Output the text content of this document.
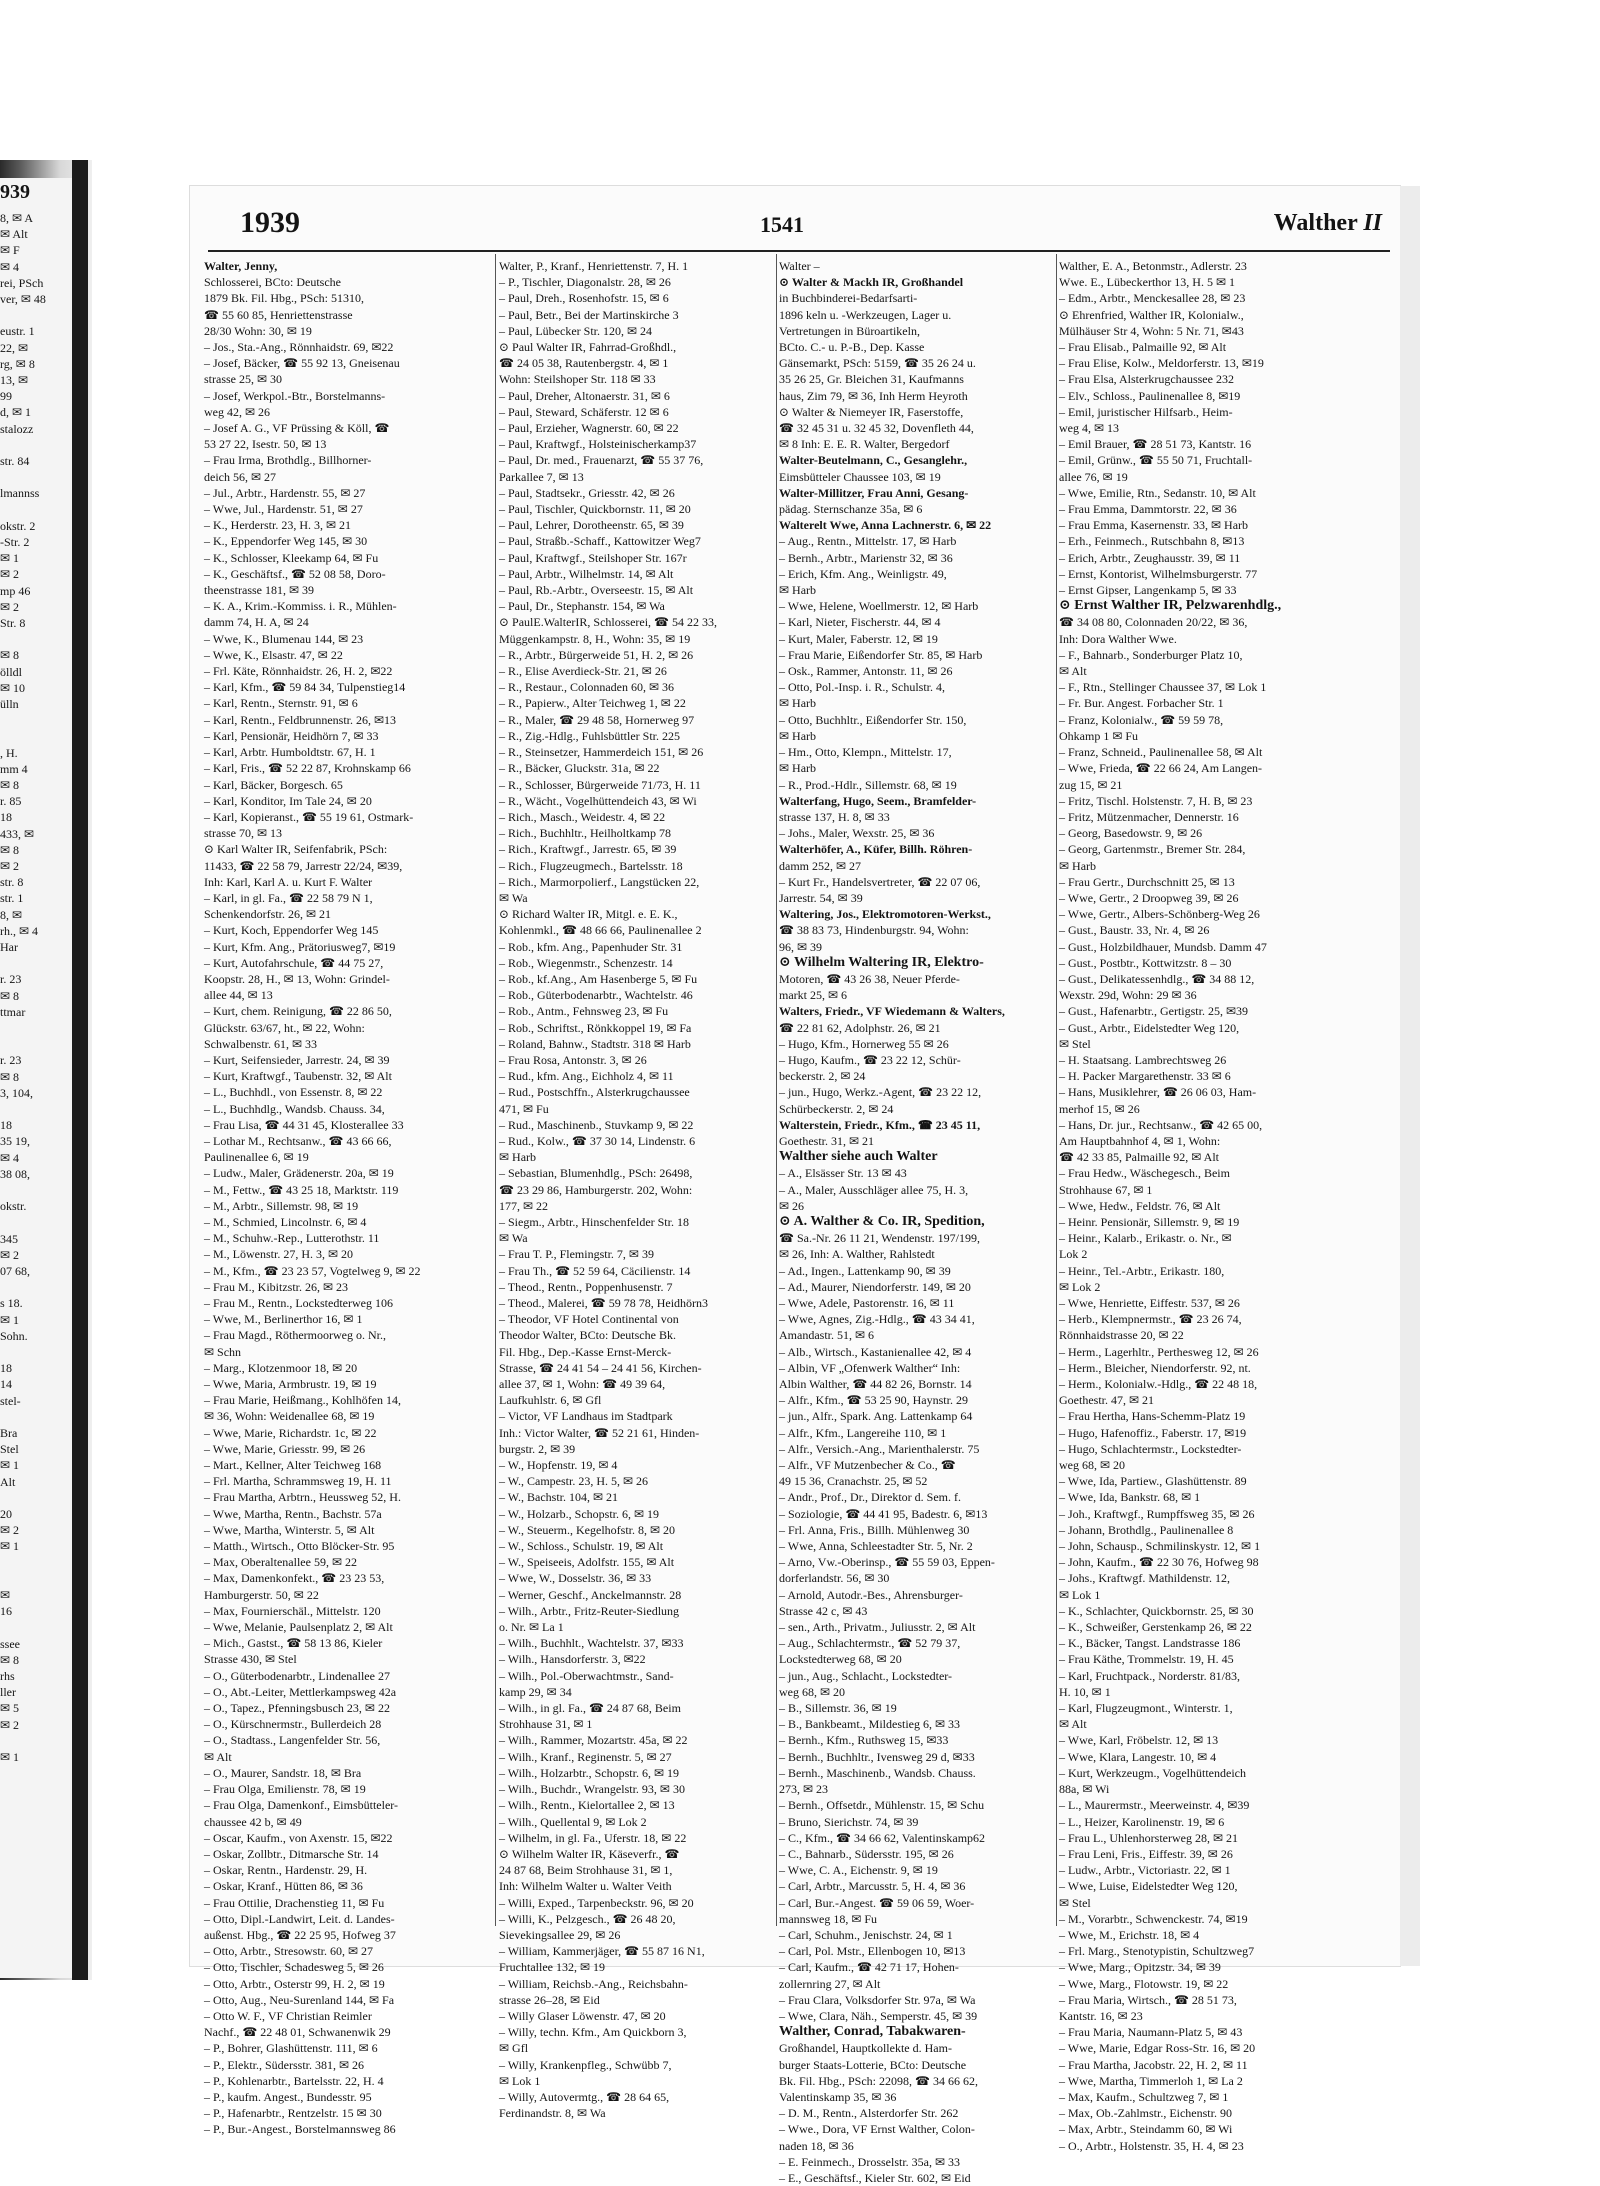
939
8, ✉ A
✉ Alt
✉ F
✉ 4
rei, PSch
ver, ✉ 48
eustr. 1
22, ✉
rg, ✉ 8
13, ✉
99
d, ✉ 1
stalozz
str. 84
lmannss
okstr. 2
-Str. 2
✉ 1
✉ 2
mp 46
✉ 2
Str. 8
✉ 8
ölldl
✉ 10
ülln
, H.
mm 4
✉ 8
r. 85
18
433, ✉
✉ 8
✉ 2
str. 8
str. 1
8, ✉
rh., ✉ 4
Har
r. 23
✉ 8
ttmar
r. 23
✉ 8
3, 104,
18
35 19,
✉ 4
38 08,
okstr.
345
✉ 2
07 68,
s 18.
✉ 1
Sohn.
18
14
stel-
Bra
Stel
✉ 1
Alt
20
✉ 2
✉ 1
✉
16
ssee
✉ 8
rhs
ller
✉ 5
✉ 2
✉ 1
1939	1541	Walther II

Walter, Jenny,

Schlosserei, BCto: Deutsche

1879 Bk. Fil. Hbg., PSch: 51310,

☎ 55 60 85, Henriettenstrasse

28/30 Wohn: 30, ✉ 19

– Jos., Sta.-Ang., Rönnhaidstr. 69, ✉22

– Josef, Bäcker, ☎ 55 92 13, Gneisenau

strasse 25, ✉ 30

– Josef, Werkpol.-Btr., Borstelmanns-

weg 42, ✉ 26

– Josef A. G., VF Prüssing & Köll, ☎

53 27 22, Isestr. 50, ✉ 13

– Frau Irma, Brothdlg., Billhorner-

deich 56, ✉ 27

– Jul., Arbtr., Hardenstr. 55, ✉ 27

– Wwe, Jul., Hardenstr. 51, ✉ 27

– K., Herderstr. 23, H. 3, ✉ 21

– K., Eppendorfer Weg 145, ✉ 30

– K., Schlosser, Kleekamp 64, ✉ Fu

– K., Geschäftsf., ☎ 52 08 58, Doro-

theenstrasse 181, ✉ 39

– K. A., Krim.-Kommiss. i. R., Mühlen-

damm 74, H. A, ✉ 24

– Wwe, K., Blumenau 144, ✉ 23

– Wwe, K., Elsastr. 47, ✉ 22

– Frl. Käte, Rönnhaidstr. 26, H. 2, ✉22

– Karl, Kfm., ☎ 59 84 34, Tulpenstieg14

– Karl, Rentn., Sternstr. 91, ✉ 6

– Karl, Rentn., Feldbrunnenstr. 26, ✉13

– Karl, Pensionär, Heidhörn 7, ✉ 33

– Karl, Arbtr. Humboldtstr. 67, H. 1

– Karl, Fris., ☎ 52 22 87, Krohnskamp 66

– Karl, Bäcker, Borgesch. 65

– Karl, Konditor, Im Tale 24, ✉ 20

– Karl, Kopieranst., ☎ 55 19 61, Ostmark-

strasse 70, ✉ 13

⊙ Karl Walter IR, Seifenfabrik, PSch:

11433, ☎ 22 58 79, Jarrestr 22/24, ✉39,

Inh: Karl, Karl A. u. Kurt F. Walter

– Karl, in gl. Fa., ☎ 22 58 79 N 1,

Schenkendorfstr. 26, ✉ 21

– Kurt, Koch, Eppendorfer Weg 145

– Kurt, Kfm. Ang., Prätoriusweg7, ✉19

– Kurt, Autofahrschule, ☎ 44 75 27,

Koopstr. 28, H., ✉ 13, Wohn: Grindel-

allee 44, ✉ 13

– Kurt, chem. Reinigung, ☎ 22 86 50,

Glückstr. 63/67, ht., ✉ 22, Wohn:

Schwalbenstr. 61, ✉ 33

– Kurt, Seifensieder, Jarrestr. 24, ✉ 39

– Kurt, Kraftwgf., Taubenstr. 32, ✉ Alt

– L., Buchhdl., von Essenstr. 8, ✉ 22

– L., Buchhdlg., Wandsb. Chauss. 34,

– Frau Lisa, ☎ 44 31 45, Klosterallee 33

– Lothar M., Rechtsanw., ☎ 43 66 66,

Paulinenallee 6, ✉ 19

– Ludw., Maler, Grädenerstr. 20a, ✉ 19

– M., Fettw., ☎ 43 25 18, Marktstr. 119

– M., Arbtr., Sillemstr. 98, ✉ 19

– M., Schmied, Lincolnstr. 6, ✉ 4

– M., Schuhw.-Rep., Lutterothstr. 11

– M., Löwenstr. 27, H. 3, ✉ 20

– M., Kfm., ☎ 23 23 57, Vogtelweg 9, ✉ 22

– Frau M., Kibitzstr. 26, ✉ 23

– Frau M., Rentn., Lockstedterweg 106

– Wwe, M., Berlinerthor 16, ✉ 1

– Frau Magd., Röthermoorweg o. Nr.,

✉ Schn

– Marg., Klotzenmoor 18, ✉ 20

– Wwe, Maria, Armbrustr. 19, ✉ 19

– Frau Marie, Heißmang., Kohlhöfen 14,

✉ 36, Wohn: Weidenallee 68, ✉ 19

– Wwe, Marie, Richardstr. 1c, ✉ 22

– Wwe, Marie, Griesstr. 99, ✉ 26

– Mart., Kellner, Alter Teichweg 168

– Frl. Martha, Schrammsweg 19, H. 11

– Frau Martha, Arbtrn., Heussweg 52, H.

– Wwe, Martha, Rentn., Bachstr. 57a

– Wwe, Martha, Winterstr. 5, ✉ Alt

– Matth., Wirtsch., Otto Blöcker-Str. 95

– Max, Oberaltenallee 59, ✉ 22

– Max, Damenkonfekt., ☎ 23 23 53,

Hamburgerstr. 50, ✉ 22

– Max, Fournierschäl., Mittelstr. 120

– Wwe, Melanie, Paulsenplatz 2, ✉ Alt

– Mich., Gastst., ☎ 58 13 86, Kieler

Strasse 430, ✉ Stel

– O., Güterbodenarbtr., Lindenallee 27

– O., Abt.-Leiter, Mettlerkampsweg 42a

– O., Tapez., Pfenningsbusch 23, ✉ 22

– O., Kürschnermstr., Bullerdeich 28

– O., Stadtass., Langenfelder Str. 56,

✉ Alt

– O., Maurer, Sandstr. 18, ✉ Bra

– Frau Olga, Emilienstr. 78, ✉ 19

– Frau Olga, Damenkonf., Eimsbütteler-

chaussee 42 b, ✉ 49

– Oscar, Kaufm., von Axenstr. 15, ✉22

– Oskar, Zollbtr., Ditmarsche Str. 14

– Oskar, Rentn., Hardenstr. 29, H.

– Oskar, Kranf., Hütten 86, ✉ 36

– Frau Ottilie, Drachenstieg 11, ✉ Fu

– Otto, Dipl.-Landwirt, Leit. d. Landes-

außenst. Hbg., ☎ 22 25 95, Hofweg 37

– Otto, Arbtr., Stresowstr. 60, ✉ 27

– Otto, Tischler, Schadesweg 5, ✉ 26

– Otto, Arbtr., Osterstr 99, H. 2, ✉ 19

– Otto, Aug., Neu-Surenland 144, ✉ Fa

– Otto W. F., VF Christian Reimler

Nachf., ☎ 22 48 01, Schwanenwik 29

– P., Bohrer, Glashüttenstr. 111, ✉ 6

– P., Elektr., Südersstr. 381, ✉ 26

– P., Kohlenarbtr., Bartelsstr. 22, H. 4

– P., kaufm. Angest., Bundesstr. 95

– P., Hafenarbtr., Rentzelstr. 15 ✉ 30

– P., Bur.-Angest., Borstelmannsweg 86

Walter, P., Kranf., Henriettenstr. 7, H. 1

– P., Tischler, Diagonalstr. 28, ✉ 26

– Paul, Dreh., Rosenhofstr. 15, ✉ 6

– Paul, Betr., Bei der Martinskirche 3

– Paul, Lübecker Str. 120, ✉ 24

⊙ Paul Walter IR, Fahrrad-Großhdl.,

☎ 24 05 38, Rautenbergstr. 4, ✉ 1

Wohn: Steilshoper Str. 118 ✉ 33

– Paul, Dreher, Altonaerstr. 31, ✉ 6

– Paul, Steward, Schäferstr. 12 ✉ 6

– Paul, Erzieher, Wagnerstr. 60, ✉ 22

– Paul, Kraftwgf., Holsteinischerkamp37

– Paul, Dr. med., Frauenarzt, ☎ 55 37 76,

Parkallee 7, ✉ 13

– Paul, Stadtsekr., Griesstr. 42, ✉ 26

– Paul, Tischler, Quickbornstr. 11, ✉ 20

– Paul, Lehrer, Dorotheenstr. 65, ✉ 39

– Paul, Straßb.-Schaff., Kattowitzer Weg7

– Paul, Kraftwgf., Steilshoper Str. 167r

– Paul, Arbtr., Wilhelmstr. 14, ✉ Alt

– Paul, Rb.-Arbtr., Overseestr. 15, ✉ Alt

– Paul, Dr., Stephanstr. 154, ✉ Wa

⊙ PaulE.WalterIR, Schlosserei, ☎ 54 22 33,

Müggenkampstr. 8, H., Wohn: 35, ✉ 19

– R., Arbtr., Bürgerweide 51, H. 2, ✉ 26

– R., Elise Averdieck-Str. 21, ✉ 26

– R., Restaur., Colonnaden 60, ✉ 36

– R., Papierw., Alter Teichweg 1, ✉ 22

– R., Maler, ☎ 29 48 58, Hornerweg 97

– R., Zig.-Hdlg., Fuhlsbüttler Str. 225

– R., Steinsetzer, Hammerdeich 151, ✉ 26

– R., Bäcker, Gluckstr. 31a, ✉ 22

– R., Schlosser, Bürgerweide 71/73, H. 11

– R., Wächt., Vogelhüttendeich 43, ✉ Wi

– Rich., Masch., Weidestr. 4, ✉ 22

– Rich., Buchhltr., Heilholtkamp 78

– Rich., Kraftwgf., Jarrestr. 65, ✉ 39

– Rich., Flugzeugmech., Bartelsstr. 18

– Rich., Marmorpolierf., Langstücken 22,

✉ Wa

⊙ Richard Walter IR, Mitgl. e. E. K.,

Kohlenmkl., ☎ 48 66 66, Paulinenallee 2

– Rob., kfm. Ang., Papenhuder Str. 31

– Rob., Wiegenmstr., Schenzestr. 14

– Rob., kf.Ang., Am Hasenberge 5, ✉ Fu

– Rob., Güterbodenarbtr., Wachtelstr. 46

– Rob., Antm., Fehnsweg 23, ✉ Fu

– Rob., Schriftst., Rönkkoppel 19, ✉ Fa

– Roland, Bahnw., Stadtstr. 318 ✉ Harb

– Frau Rosa, Antonstr. 3, ✉ 26

– Rud., kfm. Ang., Eichholz 4, ✉ 11

– Rud., Postschffn., Alsterkrugchaussee

471, ✉ Fu

– Rud., Maschinenb., Stuvkamp 9, ✉ 22

– Rud., Kolw., ☎ 37 30 14, Lindenstr. 6

✉ Harb

– Sebastian, Blumenhdlg., PSch: 26498,

☎ 23 29 86, Hamburgerstr. 202, Wohn:

177, ✉ 22

– Siegm., Arbtr., Hinschenfelder Str. 18

✉ Wa

– Frau T. P., Flemingstr. 7, ✉ 39

– Frau Th., ☎ 52 59 64, Cäcilienstr. 14

– Theod., Rentn., Poppenhusenstr. 7

– Theod., Malerei, ☎ 59 78 78, Heidhörn3

– Theodor, VF Hotel Continental von

Theodor Walter, BCto: Deutsche Bk.

Fil. Hbg., Dep.-Kasse Ernst-Merck-

Strasse, ☎ 24 41 54 – 24 41 56, Kirchen-

allee 37, ✉ 1, Wohn: ☎ 49 39 64,

Laufkuhlstr. 6, ✉ Gfl

– Victor, VF Landhaus im Stadtpark

Inh.: Victor Walter, ☎ 52 21 61, Hinden-

burgstr. 2, ✉ 39

– W., Hopfenstr. 19, ✉ 4

– W., Campestr. 23, H. 5, ✉ 26

– W., Bachstr. 104, ✉ 21

– W., Holzarb., Schopstr. 6, ✉ 19

– W., Steuerm., Kegelhofstr. 8, ✉ 20

– W., Schloss., Schulstr. 19, ✉ Alt

– W., Speiseeis, Adolfstr. 155, ✉ Alt

– Wwe, W., Dosselstr. 36, ✉ 33

– Werner, Geschf., Anckelmannstr. 28

– Wilh., Arbtr., Fritz-Reuter-Siedlung

o. Nr. ✉ La 1

– Wilh., Buchhlt., Wachtelstr. 37, ✉33

– Wilh., Hansdorferstr. 3, ✉22

– Wilh., Pol.-Oberwachtmstr., Sand-

kamp 29, ✉ 34

– Wilh., in gl. Fa., ☎ 24 87 68, Beim

Strohhause 31, ✉ 1

– Wilh., Rammer, Mozartstr. 45a, ✉ 22

– Wilh., Kranf., Reginenstr. 5, ✉ 27

– Wilh., Holzarbtr., Schopstr. 6, ✉ 19

– Wilh., Buchdr., Wrangelstr. 93, ✉ 30

– Wilh., Rentn., Kielortallee 2, ✉ 13

– Wilh., Quellental 9, ✉ Lok 2

– Wilhelm, in gl. Fa., Uferstr. 18, ✉ 22

⊙ Wilhelm Walter IR, Käseverfr., ☎

24 87 68, Beim Strohhause 31, ✉ 1,

Inh: Wilhelm Walter u. Walter Veith

– Willi, Exped., Tarpenbeckstr. 96, ✉ 20

– Willi, K., Pelzgesch., ☎ 26 48 20,

Sievekingsallee 29, ✉ 26

– William, Kammerjäger, ☎ 55 87 16 N1,

Fruchtallee 132, ✉ 19

– William, Reichsb.-Ang., Reichsbahn-

strasse 26–28, ✉ Eid

– Willy Glaser Löwenstr. 47, ✉ 20

– Willy, techn. Kfm., Am Quickborn 3,

✉ Gfl

– Willy, Krankenpfleg., Schwübb 7,

✉ Lok 1

– Willy, Autovermtg., ☎ 28 64 65,

Ferdinandstr. 8, ✉ Wa

Walter –

⊙ Walter & Mackh IR, Großhandel

in Buchbinderei-Bedarfsarti-

1896 keln u. -Werkzeugen, Lager u.

Vertretungen in Büroartikeln,

BCto. C.- u. P.-B., Dep. Kasse

Gänsemarkt, PSch: 5159, ☎ 35 26 24 u.

35 26 25, Gr. Bleichen 31, Kaufmanns

haus, Zim 79, ✉ 36, Inh Herm Heyroth

⊙ Walter & Niemeyer IR, Faserstoffe,

☎ 32 45 31 u. 32 45 32, Dovenfleth 44,

✉ 8 Inh: E. E. R. Walter, Bergedorf

Walter-Beutelmann, C., Gesanglehr.,

Eimsbütteler Chaussee 103, ✉ 19

Walter-Millitzer, Frau Anni, Gesang-

pädag. Sternschanze 35a, ✉ 6

Walterelt Wwe, Anna Lachnerstr. 6, ✉ 22

– Aug., Rentn., Mittelstr. 17, ✉ Harb

– Bernh., Arbtr., Marienstr 32, ✉ 36

– Erich, Kfm. Ang., Weinligstr. 49,

✉ Harb

– Wwe, Helene, Woellmerstr. 12, ✉ Harb

– Karl, Nieter, Fischerstr. 44, ✉ 4

– Kurt, Maler, Faberstr. 12, ✉ 19

– Frau Marie, Eißendorfer Str. 85, ✉ Harb

– Osk., Rammer, Antonstr. 11, ✉ 26

– Otto, Pol.-Insp. i. R., Schulstr. 4,

✉ Harb

– Otto, Buchhltr., Eißendorfer Str. 150,

✉ Harb

– Hm., Otto, Klempn., Mittelstr. 17,

✉ Harb

– R., Prod.-Hdlr., Sillemstr. 68, ✉ 19

Walterfang, Hugo, Seem., Bramfelder-

strasse 137, H. 8, ✉ 33

– Johs., Maler, Wexstr. 25, ✉ 36

Walterhöfer, A., Küfer, Billh. Röhren-

damm 252, ✉ 27

– Kurt Fr., Handelsvertreter, ☎ 22 07 06,

Jarrestr. 54, ✉ 39

Waltering, Jos., Elektromotoren-Werkst.,

☎ 38 83 73, Hindenburgstr. 94, Wohn:

96, ✉ 39

⊙ Wilhelm Waltering IR, Elektro-

Motoren, ☎ 43 26 38, Neuer Pferde-

markt 25, ✉ 6

Walters, Friedr., VF Wiedemann & Walters,

☎ 22 81 62, Adolphstr. 26, ✉ 21

– Hugo, Kfm., Hornerweg 55 ✉ 26

– Hugo, Kaufm., ☎ 23 22 12, Schür-

beckerstr. 2, ✉ 24

– jun., Hugo, Werkz.-Agent, ☎ 23 22 12,

Schürbeckerstr. 2, ✉ 24

Walterstein, Friedr., Kfm., ☎ 23 45 11,

Goethestr. 31, ✉ 21

Walther siehe auch Walter

– A., Elsässer Str. 13 ✉ 43

– A., Maler, Ausschläger allee 75, H. 3,

✉ 26

⊙ A. Walther & Co. IR, Spedition,

☎ Sa.-Nr. 26 11 21, Wendenstr. 197/199,

✉ 26, Inh: A. Walther, Rahlstedt

– Ad., Ingen., Lattenkamp 90, ✉ 39

– Ad., Maurer, Niendorferstr. 149, ✉ 20

– Wwe, Adele, Pastorenstr. 16, ✉ 11

– Wwe, Agnes, Zig.-Hdlg., ☎ 43 34 41,

Amandastr. 51, ✉ 6

– Alb., Wirtsch., Kastanienallee 42, ✉ 4

– Albin, VF „Ofenwerk Walther“ Inh:

Albin Walther, ☎ 44 82 26, Bornstr. 14

– Alfr., Kfm., ☎ 53 25 90, Haynstr. 29

– jun., Alfr., Spark. Ang. Lattenkamp 64

– Alfr., Kfm., Langereihe 110, ✉ 1

– Alfr., Versich.-Ang., Marienthalerstr. 75

– Alfr., VF Mutzenbecher & Co., ☎

49 15 36, Cranachstr. 25, ✉ 52

– Andr., Prof., Dr., Direktor d. Sem. f.

– Soziologie, ☎ 44 41 95, Badestr. 6, ✉13

– Frl. Anna, Fris., Billh. Mühlenweg 30

– Wwe, Anna, Schleestadter Str. 5, Nr. 2

– Arno, Vw.-Oberinsp., ☎ 55 59 03, Eppen-

dorferlandstr. 56, ✉ 30

– Arnold, Autodr.-Bes., Ahrensburger-

Strasse 42 c, ✉ 43

– sen., Arth., Privatm., Juliusstr. 2, ✉ Alt

– Aug., Schlachtermstr., ☎ 52 79 37,

Lockstedterweg 68, ✉ 20

– jun., Aug., Schlacht., Lockstedter-

weg 68, ✉ 20

– B., Sillemstr. 36, ✉ 19

– B., Bankbeamt., Mildestieg 6, ✉ 33

– Bernh., Kfm., Ruthsweg 15, ✉33

– Bernh., Buchhltr., Ivensweg 29 d, ✉33

– Bernh., Maschinenb., Wandsb. Chauss.

273, ✉ 23

– Bernh., Offsetdr., Mühlenstr. 15, ✉ Schu

– Bruno, Sierichstr. 74, ✉ 39

– C., Kfm., ☎ 34 66 62, Valentinskamp62

– C., Bahnarb., Südersstr. 195, ✉ 26

– Wwe, C. A., Eichenstr. 9, ✉ 19

– Carl, Arbtr., Marcusstr. 5, H. 4, ✉ 36

– Carl, Bur.-Angest. ☎ 59 06 59, Woer-

mannsweg 18, ✉ Fu

– Carl, Schuhm., Jenischstr. 24, ✉ 1

– Carl, Pol. Mstr., Ellenbogen 10, ✉13

– Carl, Kaufm., ☎ 42 71 17, Hohen-

zollernring 27, ✉ Alt

– Frau Clara, Volksdorfer Str. 97a, ✉ Wa

– Wwe, Clara, Näh., Semperstr. 45, ✉ 39

Walther, Conrad, Tabakwaren-

Großhandel, Hauptkollekte d. Ham-

burger Staats-Lotterie, BCto: Deutsche

Bk. Fil. Hbg., PSch: 22098, ☎ 34 66 62,

Valentinskamp 35, ✉ 36

– D. M., Rentn., Alsterdorfer Str. 262

– Wwe., Dora, VF Ernst Walther, Colon-

naden 18, ✉ 36

– E. Feinmech., Drosselstr. 35a, ✉ 33

– E., Geschäftsf., Kieler Str. 602, ✉ Eid

Walther, E. A., Betonmstr., Adlerstr. 23

Wwe. E., Lübeckerthor 13, H. 5 ✉ 1

– Edm., Arbtr., Menckesallee 28, ✉ 23

⊙ Ehrenfried, Walther IR, Kolonialw.,

Mülhäuser Str 4, Wohn: 5 Nr. 71, ✉43

– Frau Elisab., Palmaille 92, ✉ Alt

– Frau Elise, Kolw., Meldorferstr. 13, ✉19

– Frau Elsa, Alsterkrugchaussee 232

– Elv., Schloss., Paulinenallee 8, ✉19

– Emil, juristischer Hilfsarb., Heim-

weg 4, ✉ 13

– Emil Brauer, ☎ 28 51 73, Kantstr. 16

– Emil, Grünw., ☎ 55 50 71, Fruchtall-

allee 76, ✉ 19

– Wwe, Emilie, Rtn., Sedanstr. 10, ✉ Alt

– Frau Emma, Dammtorstr. 22, ✉ 36

– Frau Emma, Kasernenstr. 33, ✉ Harb

– Erh., Feinmech., Rutschbahn 8, ✉13

– Erich, Arbtr., Zeughausstr. 39, ✉ 11

– Ernst, Kontorist, Wilhelmsburgerstr. 77

– Ernst Gipser, Langenkamp 5, ✉ 33

⊙ Ernst Walther IR, Pelzwarenhdlg.,

☎ 34 08 80, Colonnaden 20/22, ✉ 36,

Inh: Dora Walther Wwe.

– F., Bahnarb., Sonderburger Platz 10,

✉ Alt

– F., Rtn., Stellinger Chaussee 37, ✉ Lok 1

– Fr. Bur. Angest. Forbacher Str. 1

– Franz, Kolonialw., ☎ 59 59 78,

Ohkamp 1 ✉ Fu

– Franz, Schneid., Paulinenallee 58, ✉ Alt

– Wwe, Frieda, ☎ 22 66 24, Am Langen-

zug 15, ✉ 21

– Fritz, Tischl. Holstenstr. 7, H. B, ✉ 23

– Fritz, Mützenmacher, Dennerstr. 16

– Georg, Basedowstr. 9, ✉ 26

– Georg, Gartenmstr., Bremer Str. 284,

✉ Harb

– Frau Gertr., Durchschnitt 25, ✉ 13

– Wwe, Gertr., 2 Droopweg 39, ✉ 26

– Wwe, Gertr., Albers-Schönberg-Weg 26

– Gust., Baustr. 33, Nr. 4, ✉ 26

– Gust., Holzbildhauer, Mundsb. Damm 47

– Gust., Postbtr., Kottwitzstr. 8 – 30

– Gust., Delikatessenhdlg., ☎ 34 88 12,

Wexstr. 29d, Wohn: 29 ✉ 36

– Gust., Hafenarbtr., Gertigstr. 25, ✉39

– Gust., Arbtr., Eidelstedter Weg 120,

✉ Stel

– H. Staatsang. Lambrechtsweg 26

– H. Packer Margarethenstr. 33 ✉ 6

– Hans, Musiklehrer, ☎ 26 06 03, Ham-

merhof 15, ✉ 26

– Hans, Dr. jur., Rechtsanw., ☎ 42 65 00,

Am Hauptbahnhof 4, ✉ 1, Wohn:

☎ 42 33 85, Palmaille 92, ✉ Alt

– Frau Hedw., Wäschegesch., Beim

Strohhause 67, ✉ 1

– Wwe, Hedw., Feldstr. 76, ✉ Alt

– Heinr. Pensionär, Sillemstr. 9, ✉ 19

– Heinr., Kalarb., Erikastr. o. Nr., ✉

Lok 2

– Heinr., Tel.-Arbtr., Erikastr. 180,

✉ Lok 2

– Wwe, Henriette, Eiffestr. 537, ✉ 26

– Herb., Klempnermstr., ☎ 23 26 74,

Rönnhaidstrasse 20, ✉ 22

– Herm., Lagerhltr., Perthesweg 12, ✉ 26

– Herm., Bleicher, Niendorferstr. 92, nt.

– Herm., Kolonialw.-Hdlg., ☎ 22 48 18,

Goethestr. 47, ✉ 21

– Frau Hertha, Hans-Schemm-Platz 19

– Hugo, Hafenoffiz., Faberstr. 17, ✉19

– Hugo, Schlachtermstr., Lockstedter-

weg 68, ✉ 20

– Wwe, Ida, Partiew., Glashüttenstr. 89

– Wwe, Ida, Bankstr. 68, ✉ 1

– Joh., Kraftwgf., Rumpffsweg 35, ✉ 26

– Johann, Brothdlg., Paulinenallee 8

– John, Schausp., Schmilinskystr. 12, ✉ 1

– John, Kaufm., ☎ 22 30 76, Hofweg 98

– Johs., Kraftwgf. Mathildenstr. 12,

✉ Lok 1

– K., Schlachter, Quickbornstr. 25, ✉ 30

– K., Schweißer, Gerstenkamp 26, ✉ 22

– K., Bäcker, Tangst. Landstrasse 186

– Frau Käthe, Trommelstr. 19, H. 45

– Karl, Fruchtpack., Norderstr. 81/83,

H. 10, ✉ 1

– Karl, Flugzeugmont., Winterstr. 1,

✉ Alt

– Wwe, Karl, Fröbelstr. 12, ✉ 13

– Wwe, Klara, Langestr. 10, ✉ 4

– Kurt, Werkzeugm., Vogelhüttendeich

88a, ✉ Wi

– L., Maurermstr., Meerweinstr. 4, ✉39

– L., Heizer, Karolinenstr. 19, ✉ 6

– Frau L., Uhlenhorsterweg 28, ✉ 21

– Frau Leni, Fris., Eiffestr. 39, ✉ 26

– Ludw., Arbtr., Victoriastr. 22, ✉ 1

– Wwe, Luise, Eidelstedter Weg 120,

✉ Stel

– M., Vorarbtr., Schwenckestr. 74, ✉19

– Wwe, M., Erichstr. 18, ✉ 4

– Frl. Marg., Stenotypistin, Schultzweg7

– Wwe, Marg., Opitzstr. 34, ✉ 39

– Wwe, Marg., Flotowstr. 19, ✉ 22

– Frau Maria, Wirtsch., ☎ 28 51 73,

Kantstr. 16, ✉ 23

– Frau Maria, Naumann-Platz 5, ✉ 43

– Wwe, Marie, Edgar Ross-Str. 16, ✉ 20

– Frau Martha, Jacobstr. 22, H. 2, ✉ 11

– Wwe, Martha, Timmerloh 1, ✉ La 2

– Max, Kaufm., Schultzweg 7, ✉ 1

– Max, Ob.-Zahlmstr., Eichenstr. 90

– Max, Arbtr., Steindamm 60, ✉ Wi

– O., Arbtr., Holstenstr. 35, H. 4, ✉ 23
